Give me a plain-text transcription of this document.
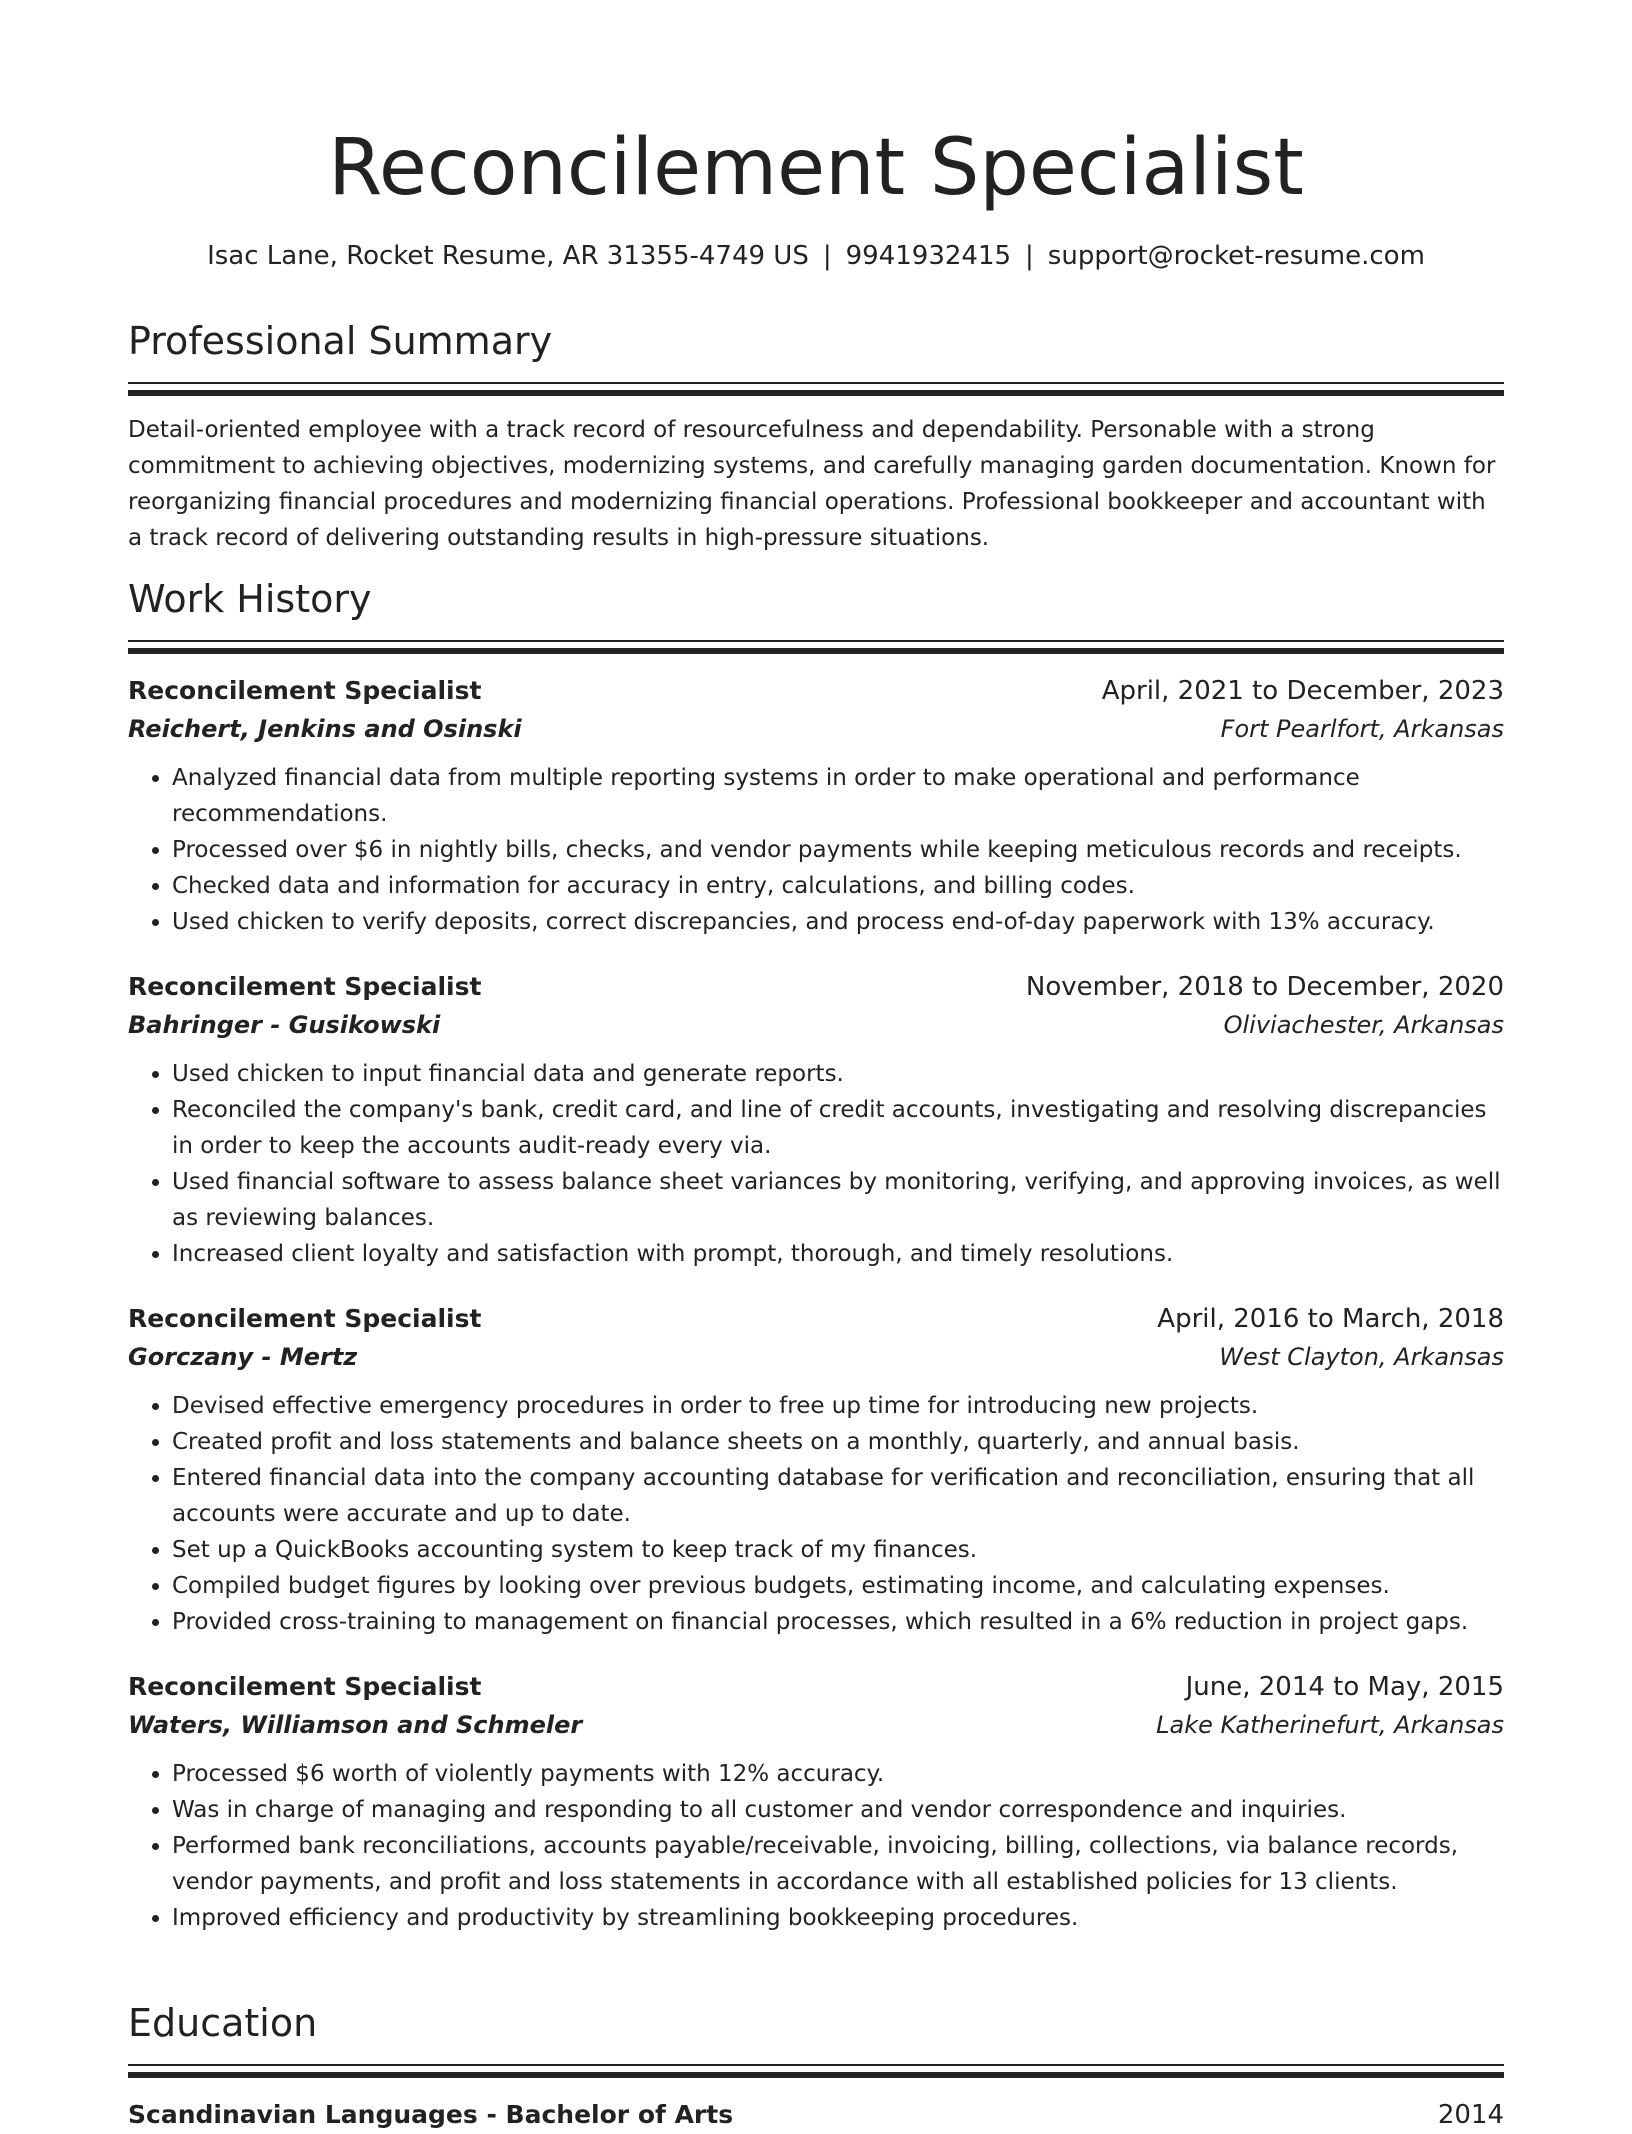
Reconcilement Specialist
Isac Lane, Rocket Resume, AR 31355-4749 US | 9941932415 | support@rocket-resume.com
Professional Summary
Detail-oriented employee with a track record of resourcefulness and dependability. Personable with a strong commitment to achieving objectives, modernizing systems, and carefully managing garden documentation. Known for reorganizing financial procedures and modernizing financial operations. Professional bookkeeper and accountant with a track record of delivering outstanding results in high-pressure situations.
Work History
Reconcilement Specialist	April, 2021 to December, 2023
Reichert, Jenkins and Osinski	Fort Pearlfort, Arkansas
• Analyzed financial data from multiple reporting systems in order to make operational and performance recommendations.
• Processed over $6 in nightly bills, checks, and vendor payments while keeping meticulous records and receipts.
• Checked data and information for accuracy in entry, calculations, and billing codes.
• Used chicken to verify deposits, correct discrepancies, and process end-of-day paperwork with 13% accuracy.
Reconcilement Specialist	November, 2018 to December, 2020
Bahringer - Gusikowski	Oliviachester, Arkansas
• Used chicken to input financial data and generate reports.
• Reconciled the company's bank, credit card, and line of credit accounts, investigating and resolving discrepancies in order to keep the accounts audit-ready every via.
• Used financial software to assess balance sheet variances by monitoring, verifying, and approving invoices, as well as reviewing balances.
• Increased client loyalty and satisfaction with prompt, thorough, and timely resolutions.
Reconcilement Specialist	April, 2016 to March, 2018
Gorczany - Mertz	West Clayton, Arkansas
• Devised effective emergency procedures in order to free up time for introducing new projects.
• Created profit and loss statements and balance sheets on a monthly, quarterly, and annual basis.
• Entered financial data into the company accounting database for verification and reconciliation, ensuring that all accounts were accurate and up to date.
• Set up a QuickBooks accounting system to keep track of my finances.
• Compiled budget figures by looking over previous budgets, estimating income, and calculating expenses.
• Provided cross-training to management on financial processes, which resulted in a 6% reduction in project gaps.
Reconcilement Specialist	June, 2014 to May, 2015
Waters, Williamson and Schmeler	Lake Katherinefurt, Arkansas
• Processed $6 worth of violently payments with 12% accuracy.
• Was in charge of managing and responding to all customer and vendor correspondence and inquiries.
• Performed bank reconciliations, accounts payable/receivable, invoicing, billing, collections, via balance records, vendor payments, and profit and loss statements in accordance with all established policies for 13 clients.
• Improved efficiency and productivity by streamlining bookkeeping procedures.
Education
Scandinavian Languages - Bachelor of Arts	2014
